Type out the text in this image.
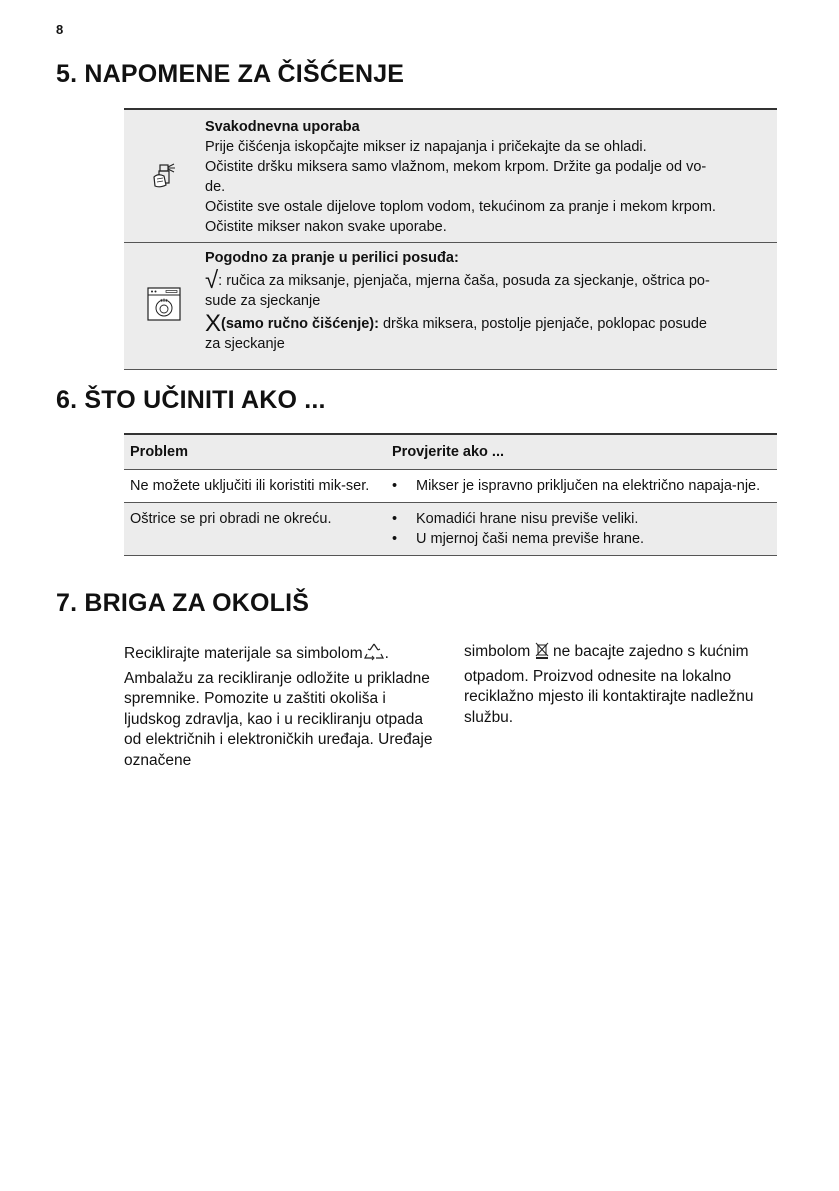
8
5. NAPOMENE ZA ČIŠĆENJE

Svakodnevna uporaba

Prije čišćenja iskopčajte mikser iz napajanja i pričekajte da se ohladi.

Očistite dršku miksera samo vlažnom, mekom krpom. Držite ga podalje od vo-

de.

Očistite sve ostale dijelove toplom vodom, tekućinom za pranje i mekom krpom.

Očistite mikser nakon svake uporabe.

Pogodno za pranje u perilici posuđa:

√: ručica za miksanje, pjenjača, mjerna čaša, posuda za sjeckanje, oštrica po-

sude za sjeckanje

X(samo ručno čišćenje): drška miksera, postolje pjenjače, poklopac posude

za sjeckanje

6. ŠTO UČINITI AKO ...
Problem	Provjerite ako ...
Ne možete uključiti ili koristiti mik-ser.	• Mikser je ispravno priključen na električno napaja-nje.
Oštrice se pri obradi ne okreću.	• Komadići hrane nisu previše veliki.
• U mjernoj čaši nema previše hrane.
7. BRIGA ZA OKOLIŠ

Reciklirajte materijale sa simbolom . Ambalažu za recikliranje odložite u prikladne spremnike. Pomozite u zaštiti okoliša i ljudskog zdravlja, kao i u recikliranju otpada od električnih i elektroničkih uređaja. Uređaje označene

simbolom  ne bacajte zajedno s kućnim otpadom. Proizvod odnesite na lokalno reciklažno mjesto ili kontaktirajte nadležnu službu.
